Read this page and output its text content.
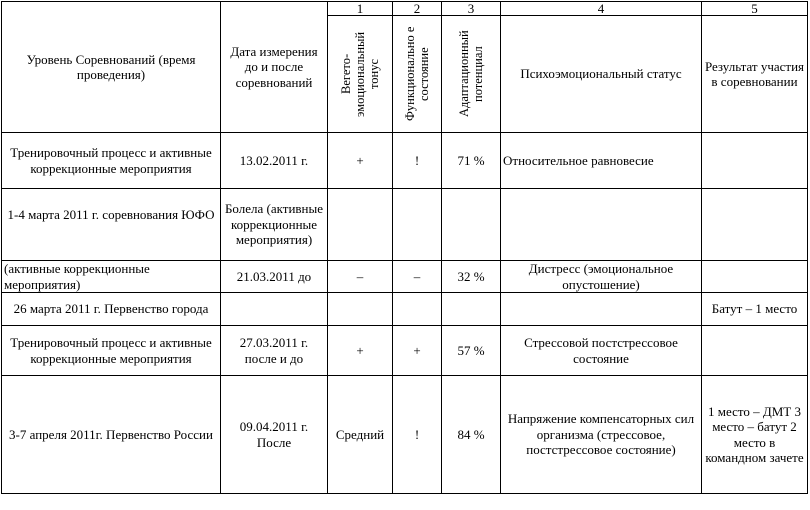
Уровень Соревнований (время проведения)	Дата измерения до и после соревнований	1	2	3	4	5

		Вегето-эмоциональный тонус	Функционально е состояние	Адаптационный потенциал	Психоэмоциональный статус	Результат участия в соревновании
Тренировочный процесс и активные коррекционные мероприятия	13.02.2011 г.	+	!	71 %	Относительное равновесие	
1-4 марта 2011 г. соревнования ЮФО	Болела (активные коррекционные мероприятия)					
(активные коррекционные мероприятия)	21.03.2011 до	–	–	32 %	Дистресс (эмоциональное опустошение)	
26 марта 2011 г. Первенство города						Батут – 1 место
Тренировочный процесс и активные коррекционные мероприятия	27.03.2011 г. после и до	+	+	57 %	Стрессовой постстрессовое состояние	
3-7 апреля 2011г. Первенство России	09.04.2011 г. После	Средний	!	84 %	Напряжение компенсаторных сил организма (стрессовое, постстрессовое состояние)	1 место – ДМТ 3 место – батут 2 место в командном зачете
